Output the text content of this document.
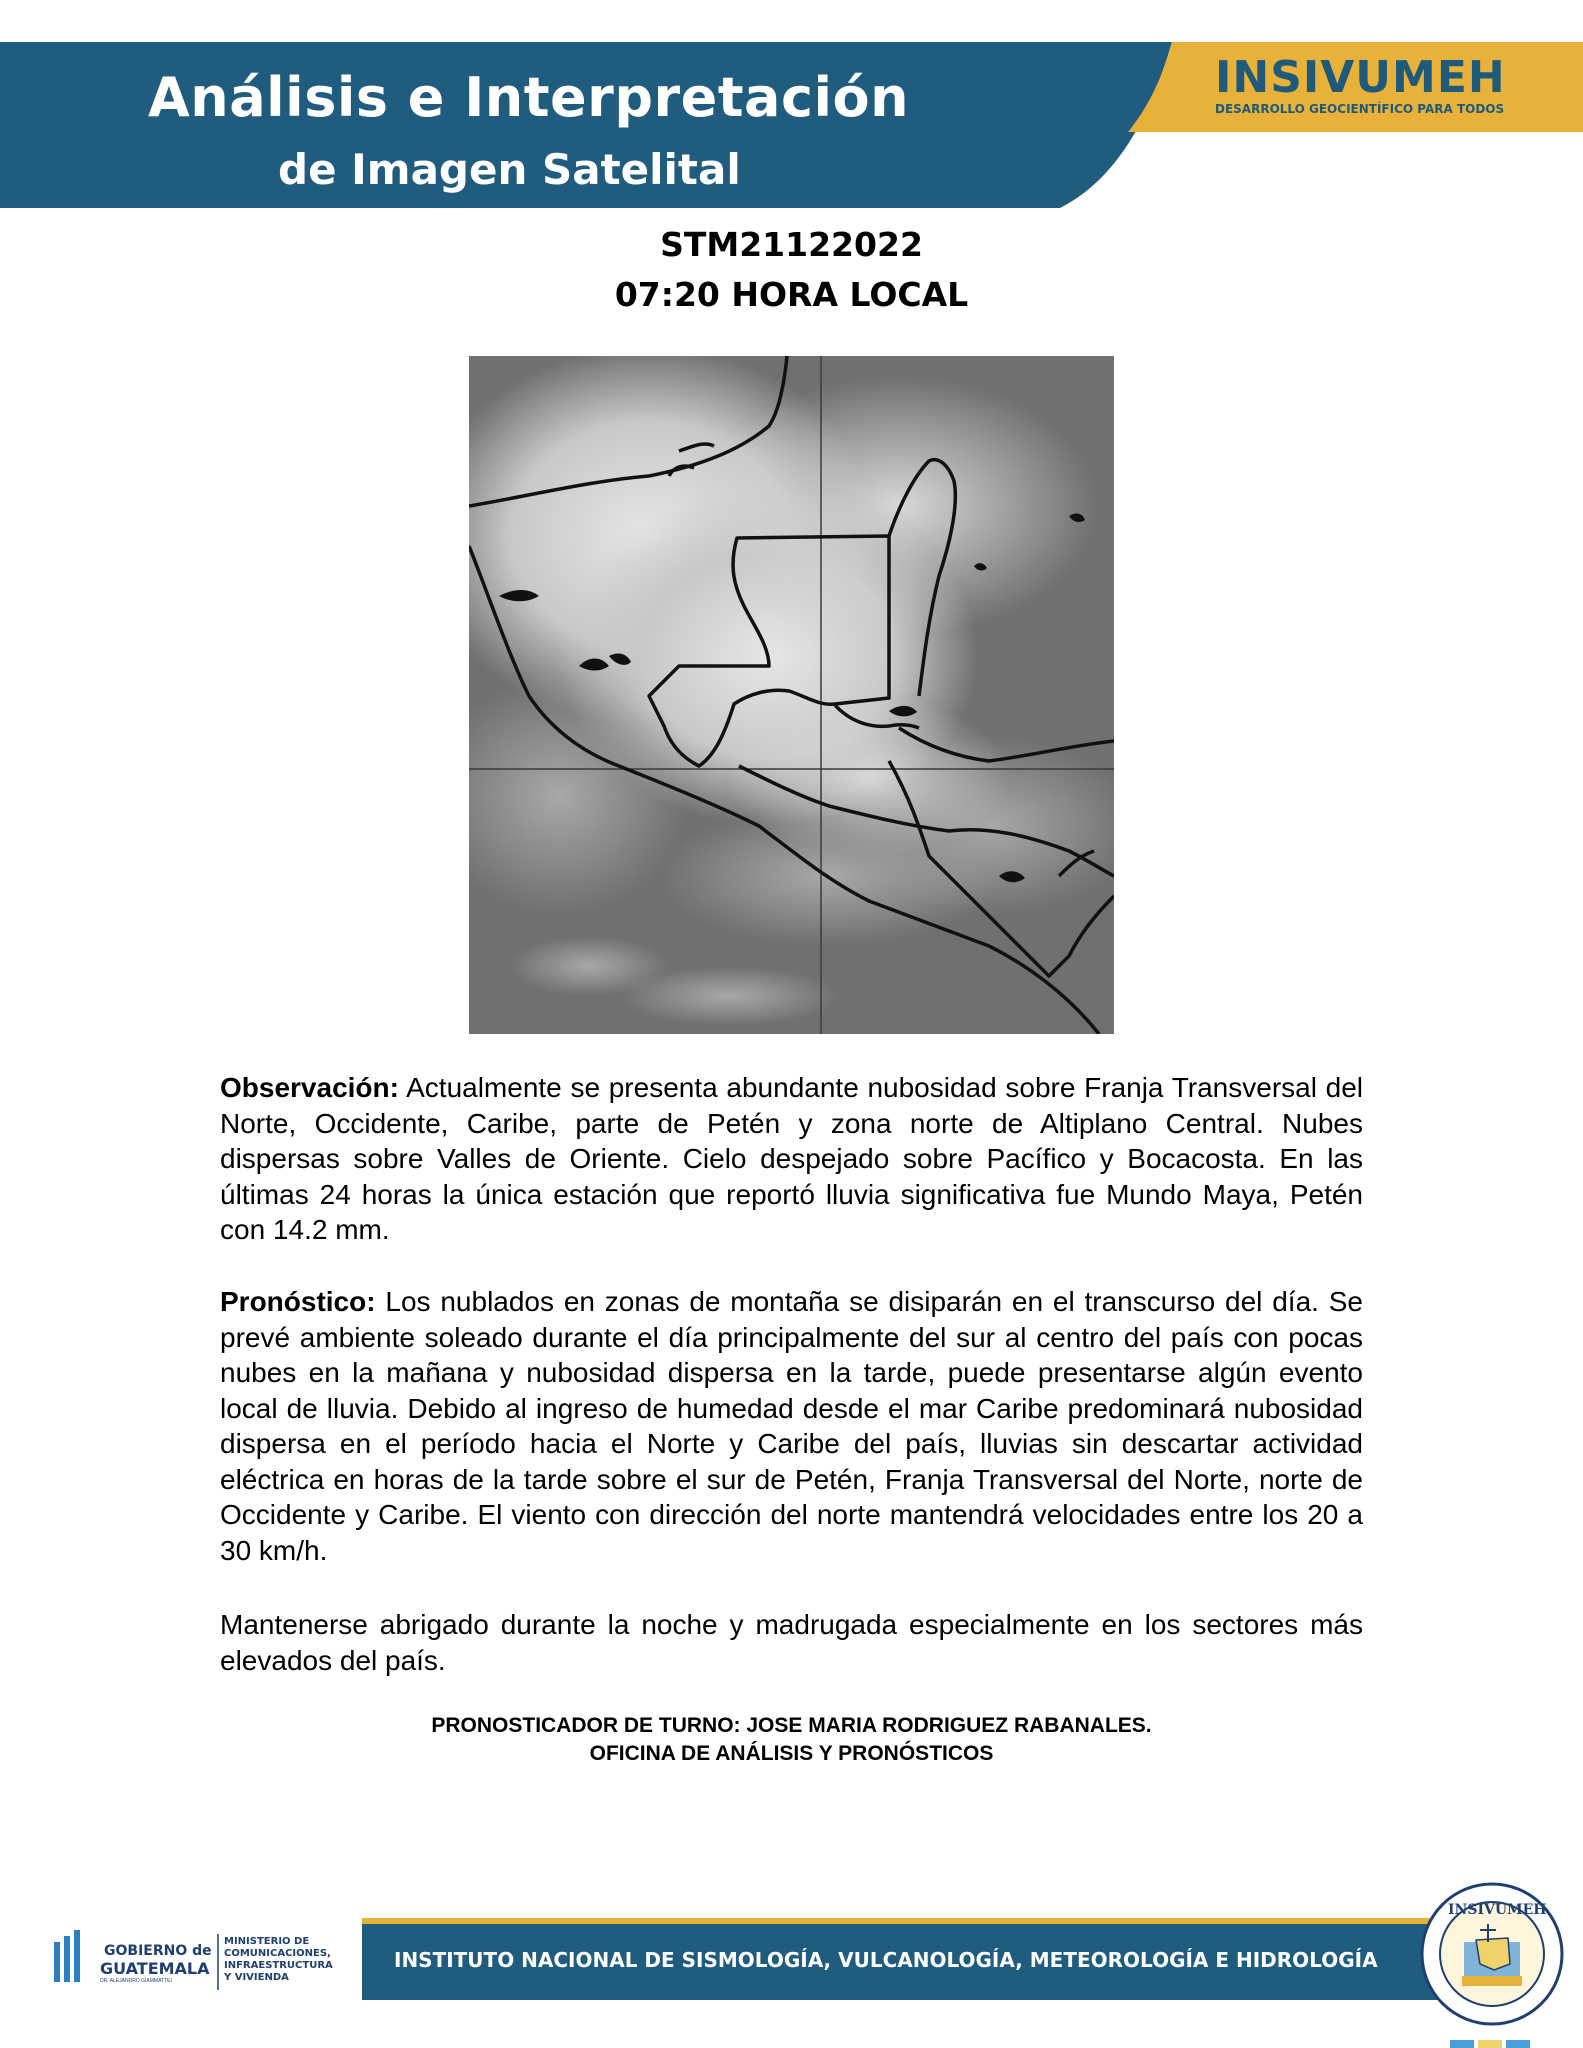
Análisis e Interpretación
de Imagen Satelital
INSIVUMEH
DESARROLLO GEOCIENTÍFICO PARA TODOS
STM21122022
07:20 HORA LOCAL

Observación: Actualmente se presenta abundante nubosidad sobre Franja Transversal del Norte, Occidente, Caribe, parte de Petén y zona norte de Altiplano Central. Nubes dispersas sobre Valles de Oriente. Cielo despejado sobre Pacífico y Bocacosta. En las últimas 24 horas la única estación que reportó lluvia significativa fue Mundo Maya, Petén con 14.2 mm.

Pronóstico: Los nublados en zonas de montaña se disiparán en el transcurso del día. Se prevé ambiente soleado durante el día principalmente del sur al centro del país con pocas nubes en la mañana y nubosidad dispersa en la tarde, puede presentarse algún evento local de lluvia. Debido al ingreso de humedad desde el mar Caribe predominará nubosidad dispersa en el período hacia el Norte y Caribe del país, lluvias sin descartar actividad eléctrica en horas de la tarde sobre el sur de Petén, Franja Transversal del Norte, norte de Occidente y Caribe. El viento con dirección del norte mantendrá velocidades entre los 20 a 30 km/h.

Mantenerse abrigado durante la noche y madrugada especialmente en los sectores más elevados del país.

PRONOSTICADOR DE TURNO: JOSE MARIA RODRIGUEZ RABANALES.
OFICINA DE ANÁLISIS Y PRONÓSTICOS
GOBIERNO de
GUATEMALA
DR. ALEJANDRO GIAMMATTEI
MINISTERIO DE
COMUNICACIONES,
INFRAESTRUCTURA
Y VIVIENDA
INSTITUTO NACIONAL DE SISMOLOGÍA, VULCANOLOGÍA, METEOROLOGÍA E HIDROLOGÍA
INSIVUMEH
